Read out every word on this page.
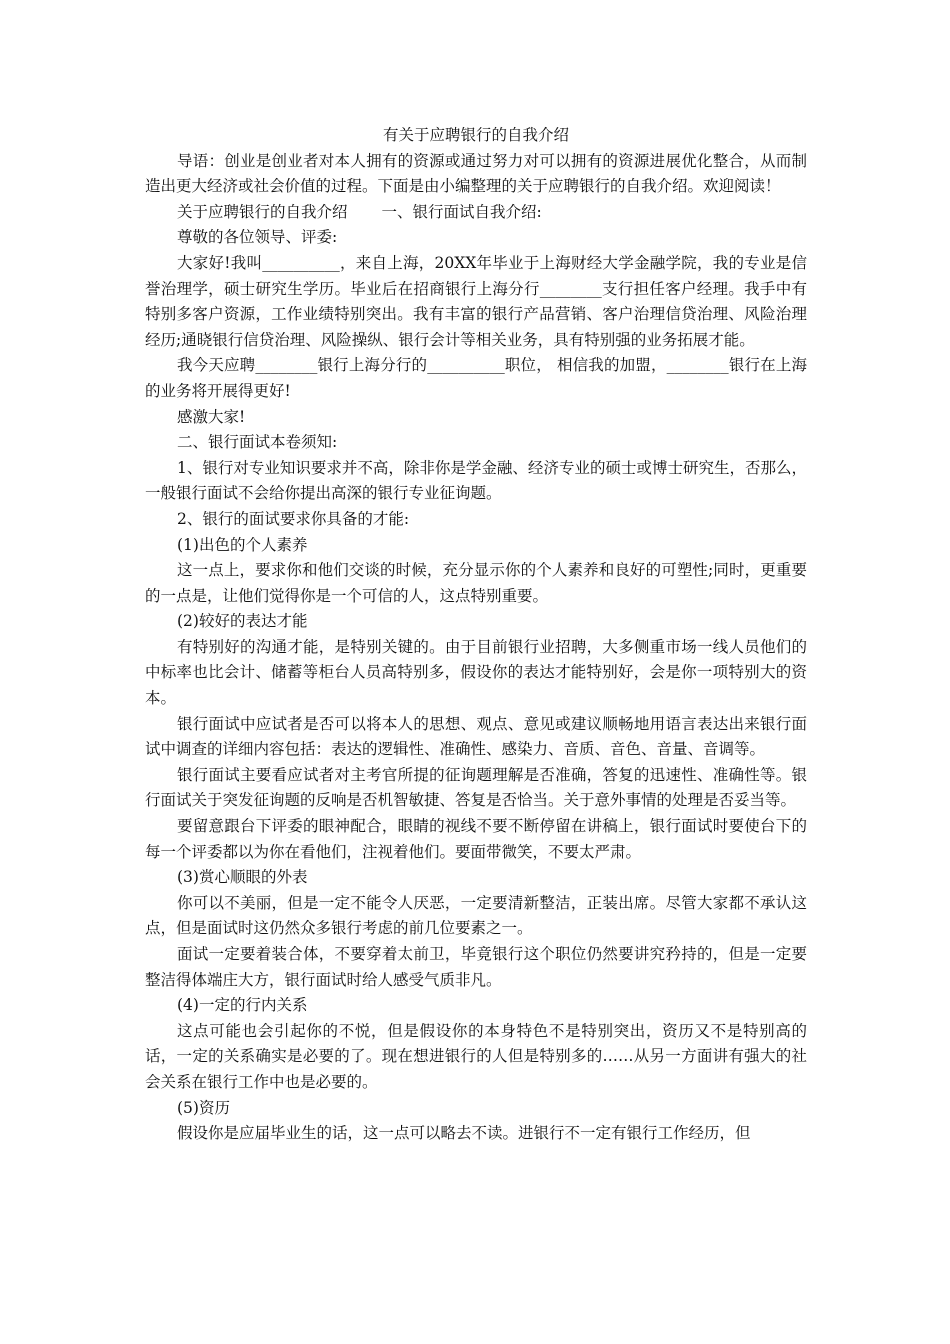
有关于应聘银行的自我介绍

导语：创业是创业者对本人拥有的资源或通过努力对可以拥有的资源进展优化整合，从而制造出更大经济或社会价值的过程。下面是由小编整理的关于应聘银行的自我介绍。欢迎阅读！

关于应聘银行的自我介绍 一、银行面试自我介绍:

尊敬的各位领导、评委:

大家好!我叫__________，来自上海，20XX年毕业于上海财经大学金融学院，我的专业是信誉治理学，硕士研究生学历。毕业后在招商银行上海分行________支行担任客户经理。我手中有特别多客户资源，工作业绩特别突出。我有丰富的银行产品营销、客户治理信贷治理、风险治理经历;通晓银行信贷治理、风险操纵、银行会计等相关业务，具有特别强的业务拓展才能。

我今天应聘________银行上海分行的__________职位， 相信我的加盟，________银行在上海的业务将开展得更好!

感激大家!

二、银行面试本卷须知:

1、银行对专业知识要求并不高，除非你是学金融、经济专业的硕士或博士研究生，否那么，一般银行面试不会给你提出高深的银行专业征询题。

2、银行的面试要求你具备的才能:

(1)出色的个人素养

这一点上，要求你和他们交谈的时候，充分显示你的个人素养和良好的可塑性;同时，更重要的一点是，让他们觉得你是一个可信的人，这点特别重要。

(2)较好的表达才能

有特别好的沟通才能，是特别关键的。由于目前银行业招聘，大多侧重市场一线人员他们的中标率也比会计、储蓄等柜台人员高特别多，假设你的表达才能特别好，会是你一项特别大的资本。

银行面试中应试者是否可以将本人的思想、观点、意见或建议顺畅地用语言表达出来银行面试中调查的详细内容包括：表达的逻辑性、准确性、感染力、音质、音色、音量、音调等。

银行面试主要看应试者对主考官所提的征询题理解是否准确，答复的迅速性、准确性等。银行面试关于突发征询题的反响是否机智敏捷、答复是否恰当。关于意外事情的处理是否妥当等。

要留意跟台下评委的眼神配合，眼睛的视线不要不断停留在讲稿上，银行面试时要使台下的每一个评委都以为你在看他们，注视着他们。要面带微笑，不要太严肃。

(3)赏心顺眼的外表

你可以不美丽，但是一定不能令人厌恶，一定要清新整洁，正装出席。尽管大家都不承认这点，但是面试时这仍然众多银行考虑的前几位要素之一。

面试一定要着装合体，不要穿着太前卫，毕竟银行这个职位仍然要讲究矜持的，但是一定要整洁得体端庄大方，银行面试时给人感受气质非凡。

(4)一定的行内关系

这点可能也会引起你的不悦，但是假设你的本身特色不是特别突出，资历又不是特别高的话，一定的关系确实是必要的了。现在想进银行的人但是特别多的……从另一方面讲有强大的社会关系在银行工作中也是必要的。

(5)资历

假设你是应届毕业生的话，这一点可以略去不读。进银行不一定有银行工作经历，但
